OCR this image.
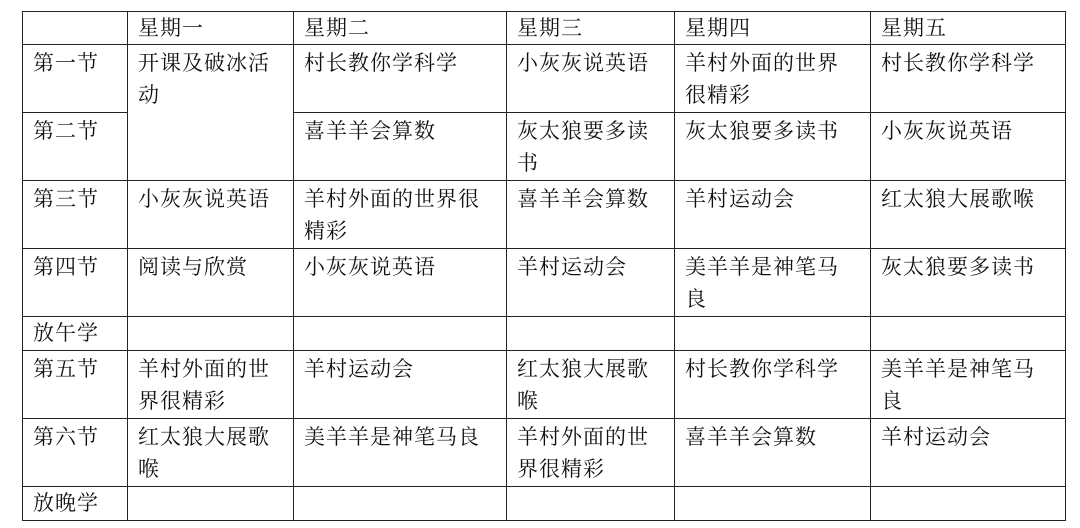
	星期一	星期二	星期三	星期四	星期五
第一节	开课及破冰活动	村长教你学科学	小灰灰说英语	羊村外面的世界很精彩	村长教你学科学
第二节		喜羊羊会算数	灰太狼要多读书	灰太狼要多读书	小灰灰说英语
第三节	小灰灰说英语	羊村外面的世界很精彩	喜羊羊会算数	羊村运动会	红太狼大展歌喉
第四节	阅读与欣赏	小灰灰说英语	羊村运动会	美羊羊是神笔马良	灰太狼要多读书
放午学					
第五节	羊村外面的世界很精彩	羊村运动会	红太狼大展歌喉	村长教你学科学	美羊羊是神笔马良
第六节	红太狼大展歌喉	美羊羊是神笔马良	羊村外面的世界很精彩	喜羊羊会算数	羊村运动会
放晚学					
